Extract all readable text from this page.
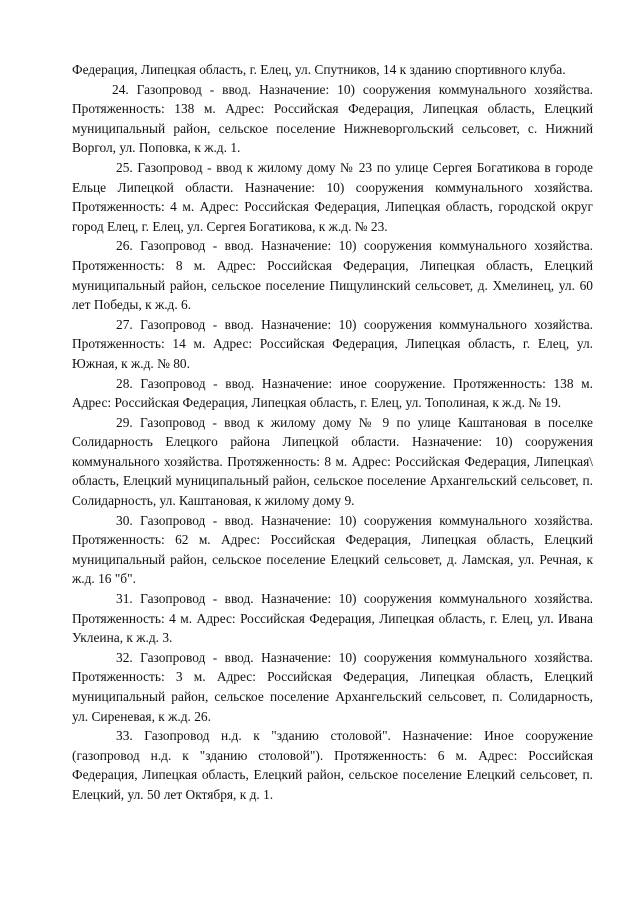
Федерация, Липецкая область, г. Елец, ул. Спутников, 14 к зданию спортивного клуба.

24. Газопровод - ввод. Назначение: 10) сооружения коммунального хозяйства. Протяженность: 138 м. Адрес: Российская Федерация, Липецкая область, Елецкий муниципальный район, сельское поселение Нижневоргольский сельсовет, с. Нижний Воргол, ул. Поповка, к ж.д. 1.

25. Газопровод - ввод к жилому дому № 23 по улице Сергея Богатикова в городе Ельце Липецкой области. Назначение: 10) сооружения коммунального хозяйства. Протяженность: 4 м. Адрес: Российская Федерация, Липецкая область, городской округ город Елец, г. Елец, ул. Сергея Богатикова, к ж.д. № 23.

26. Газопровод - ввод. Назначение: 10) сооружения коммунального хозяйства. Протяженность: 8 м. Адрес: Российская Федерация, Липецкая область, Елецкий муниципальный район, сельское поселение Пищулинский сельсовет, д. Хмелинец, ул. 60 лет Победы, к ж.д. 6.

27. Газопровод - ввод. Назначение: 10) сооружения коммунального хозяйства. Протяженность: 14 м. Адрес: Российская Федерация, Липецкая область, г. Елец, ул. Южная, к ж.д. № 80.

28. Газопровод - ввод. Назначение: иное сооружение. Протяженность: 138 м. Адрес: Российская Федерация, Липецкая область, г. Елец, ул. Тополиная, к ж.д. № 19.

29. Газопровод - ввод к жилому дому № 9 по улице Каштановая в поселке Солидарность Елецкого района Липецкой области. Назначение: 10) сооружения коммунального хозяйства. Протяженность: 8 м. Адрес: Российская Федерация, Липецкая\ область, Елецкий муниципальный район, сельское поселение Архангельский сельсовет, п. Солидарность, ул. Каштановая, к жилому дому 9.

30. Газопровод - ввод. Назначение: 10) сооружения коммунального хозяйства. Протяженность: 62 м. Адрес: Российская Федерация, Липецкая область, Елецкий муниципальный район, сельское поселение Елецкий сельсовет, д. Ламская, ул. Речная, к ж.д. 16 "б".

31. Газопровод - ввод. Назначение: 10) сооружения коммунального хозяйства. Протяженность: 4 м. Адрес: Российская Федерация, Липецкая область, г. Елец, ул. Ивана Уклеина, к ж.д. 3.

32. Газопровод - ввод. Назначение: 10) сооружения коммунального хозяйства. Протяженность: 3 м. Адрес: Российская Федерация, Липецкая область, Елецкий муниципальный район, сельское поселение Архангельский сельсовет, п. Солидарность, ул. Сиреневая, к ж.д. 26.

33. Газопровод н.д. к "зданию столовой". Назначение: Иное сооружение (газопровод н.д. к "зданию столовой"). Протяженность: 6 м. Адрес: Российская Федерация, Липецкая область, Елецкий район, сельское поселение Елецкий сельсовет, п. Елецкий, ул. 50 лет Октября, к д. 1.
